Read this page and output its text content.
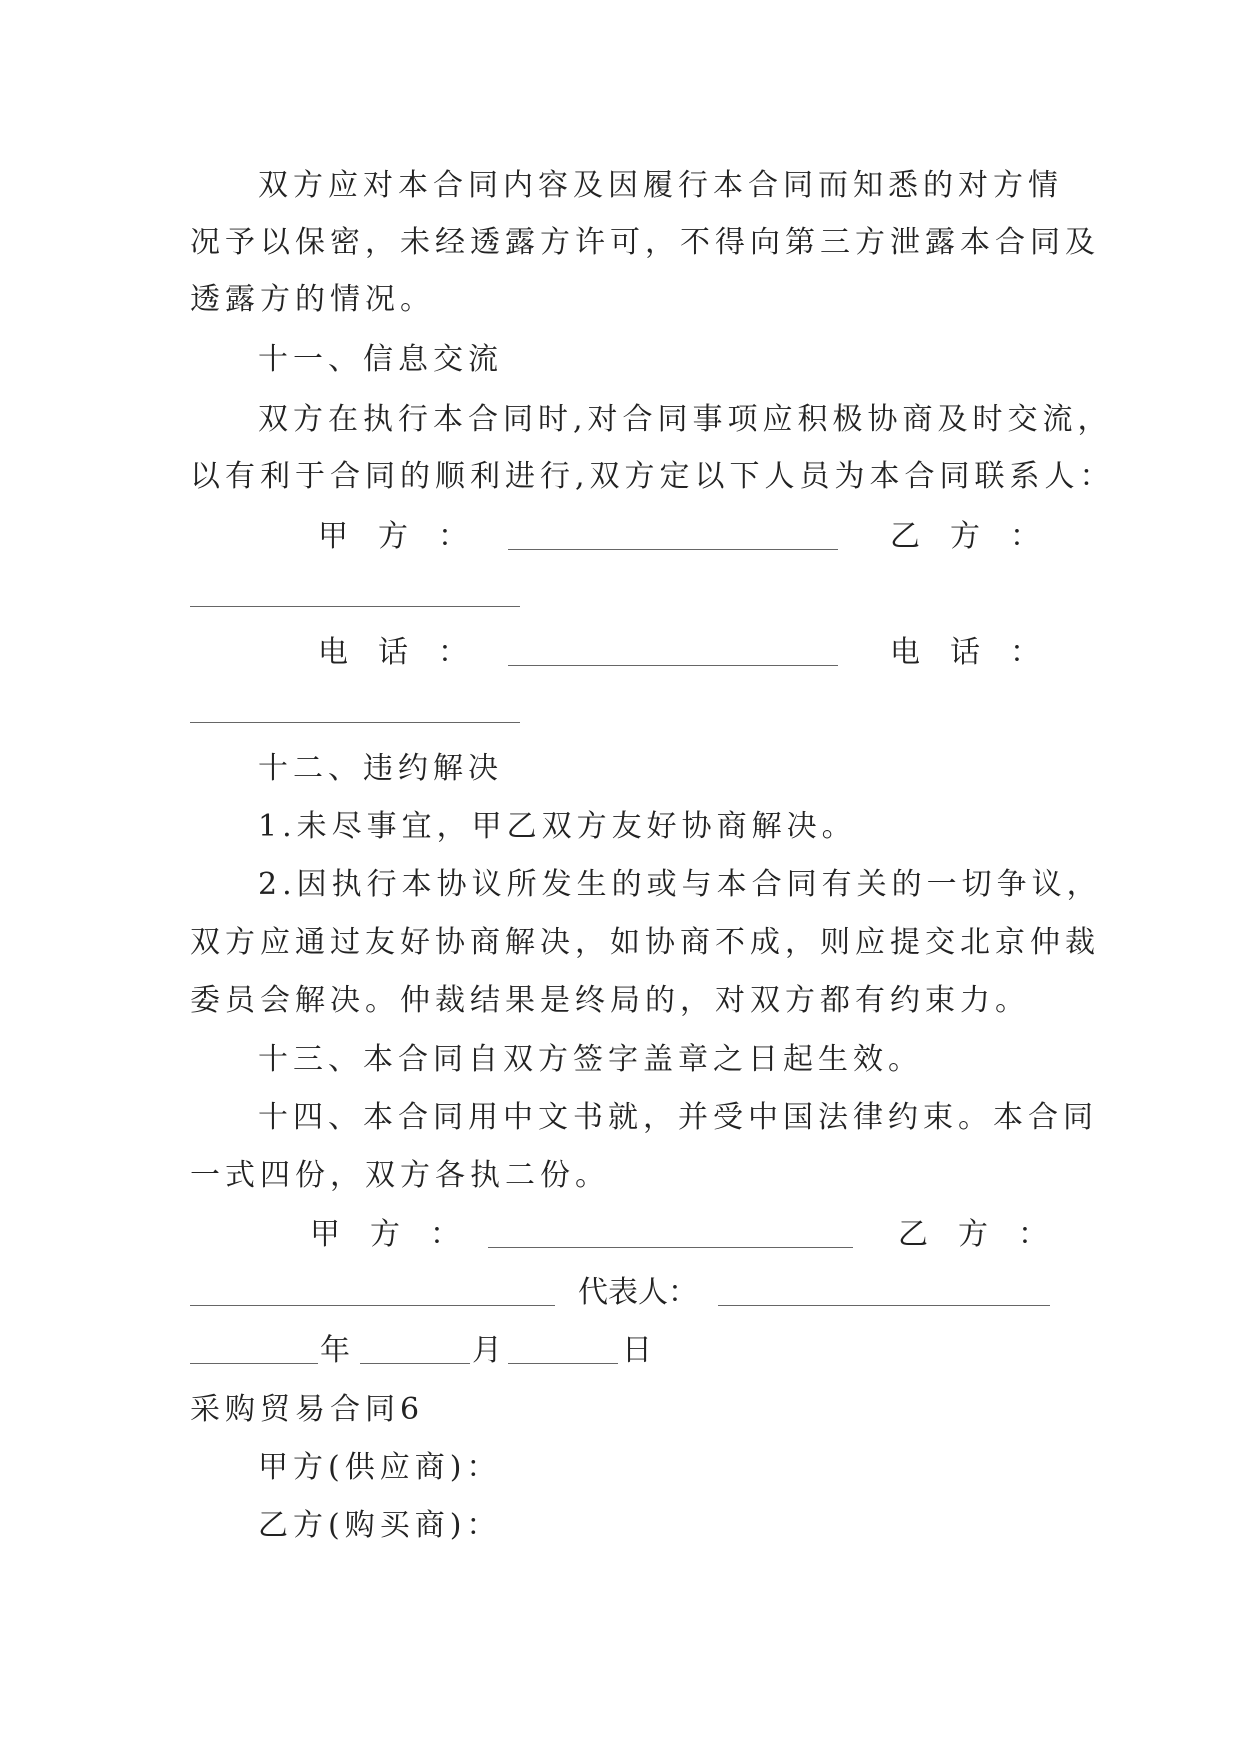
双方应对本合同内容及因履行本合同而知悉的对方情
况予以保密，未经透露方许可，不得向第三方泄露本合同及
透露方的情况。
十一、信息交流
双方在执行本合同时,对合同事项应积极协商及时交流，
以有利于合同的顺利进行,双方定以下人员为本合同联系人：
甲　方　：	乙　方　：
电　话　：	电　话　：
十二、违约解决
1.未尽事宜，甲乙双方友好协商解决。
2.因执行本协议所发生的或与本合同有关的一切争议，
双方应通过友好协商解决，如协商不成，则应提交北京仲裁
委员会解决。仲裁结果是终局的，对双方都有约束力。
十三、本合同自双方签字盖章之日起生效。
十四、本合同用中文书就，并受中国法律约束。本合同
一式四份，双方各执二份。
甲　方　：	乙　方　：
代表人：
年	月	日
采购贸易合同6
甲方(供应商)：
乙方(购买商)：
